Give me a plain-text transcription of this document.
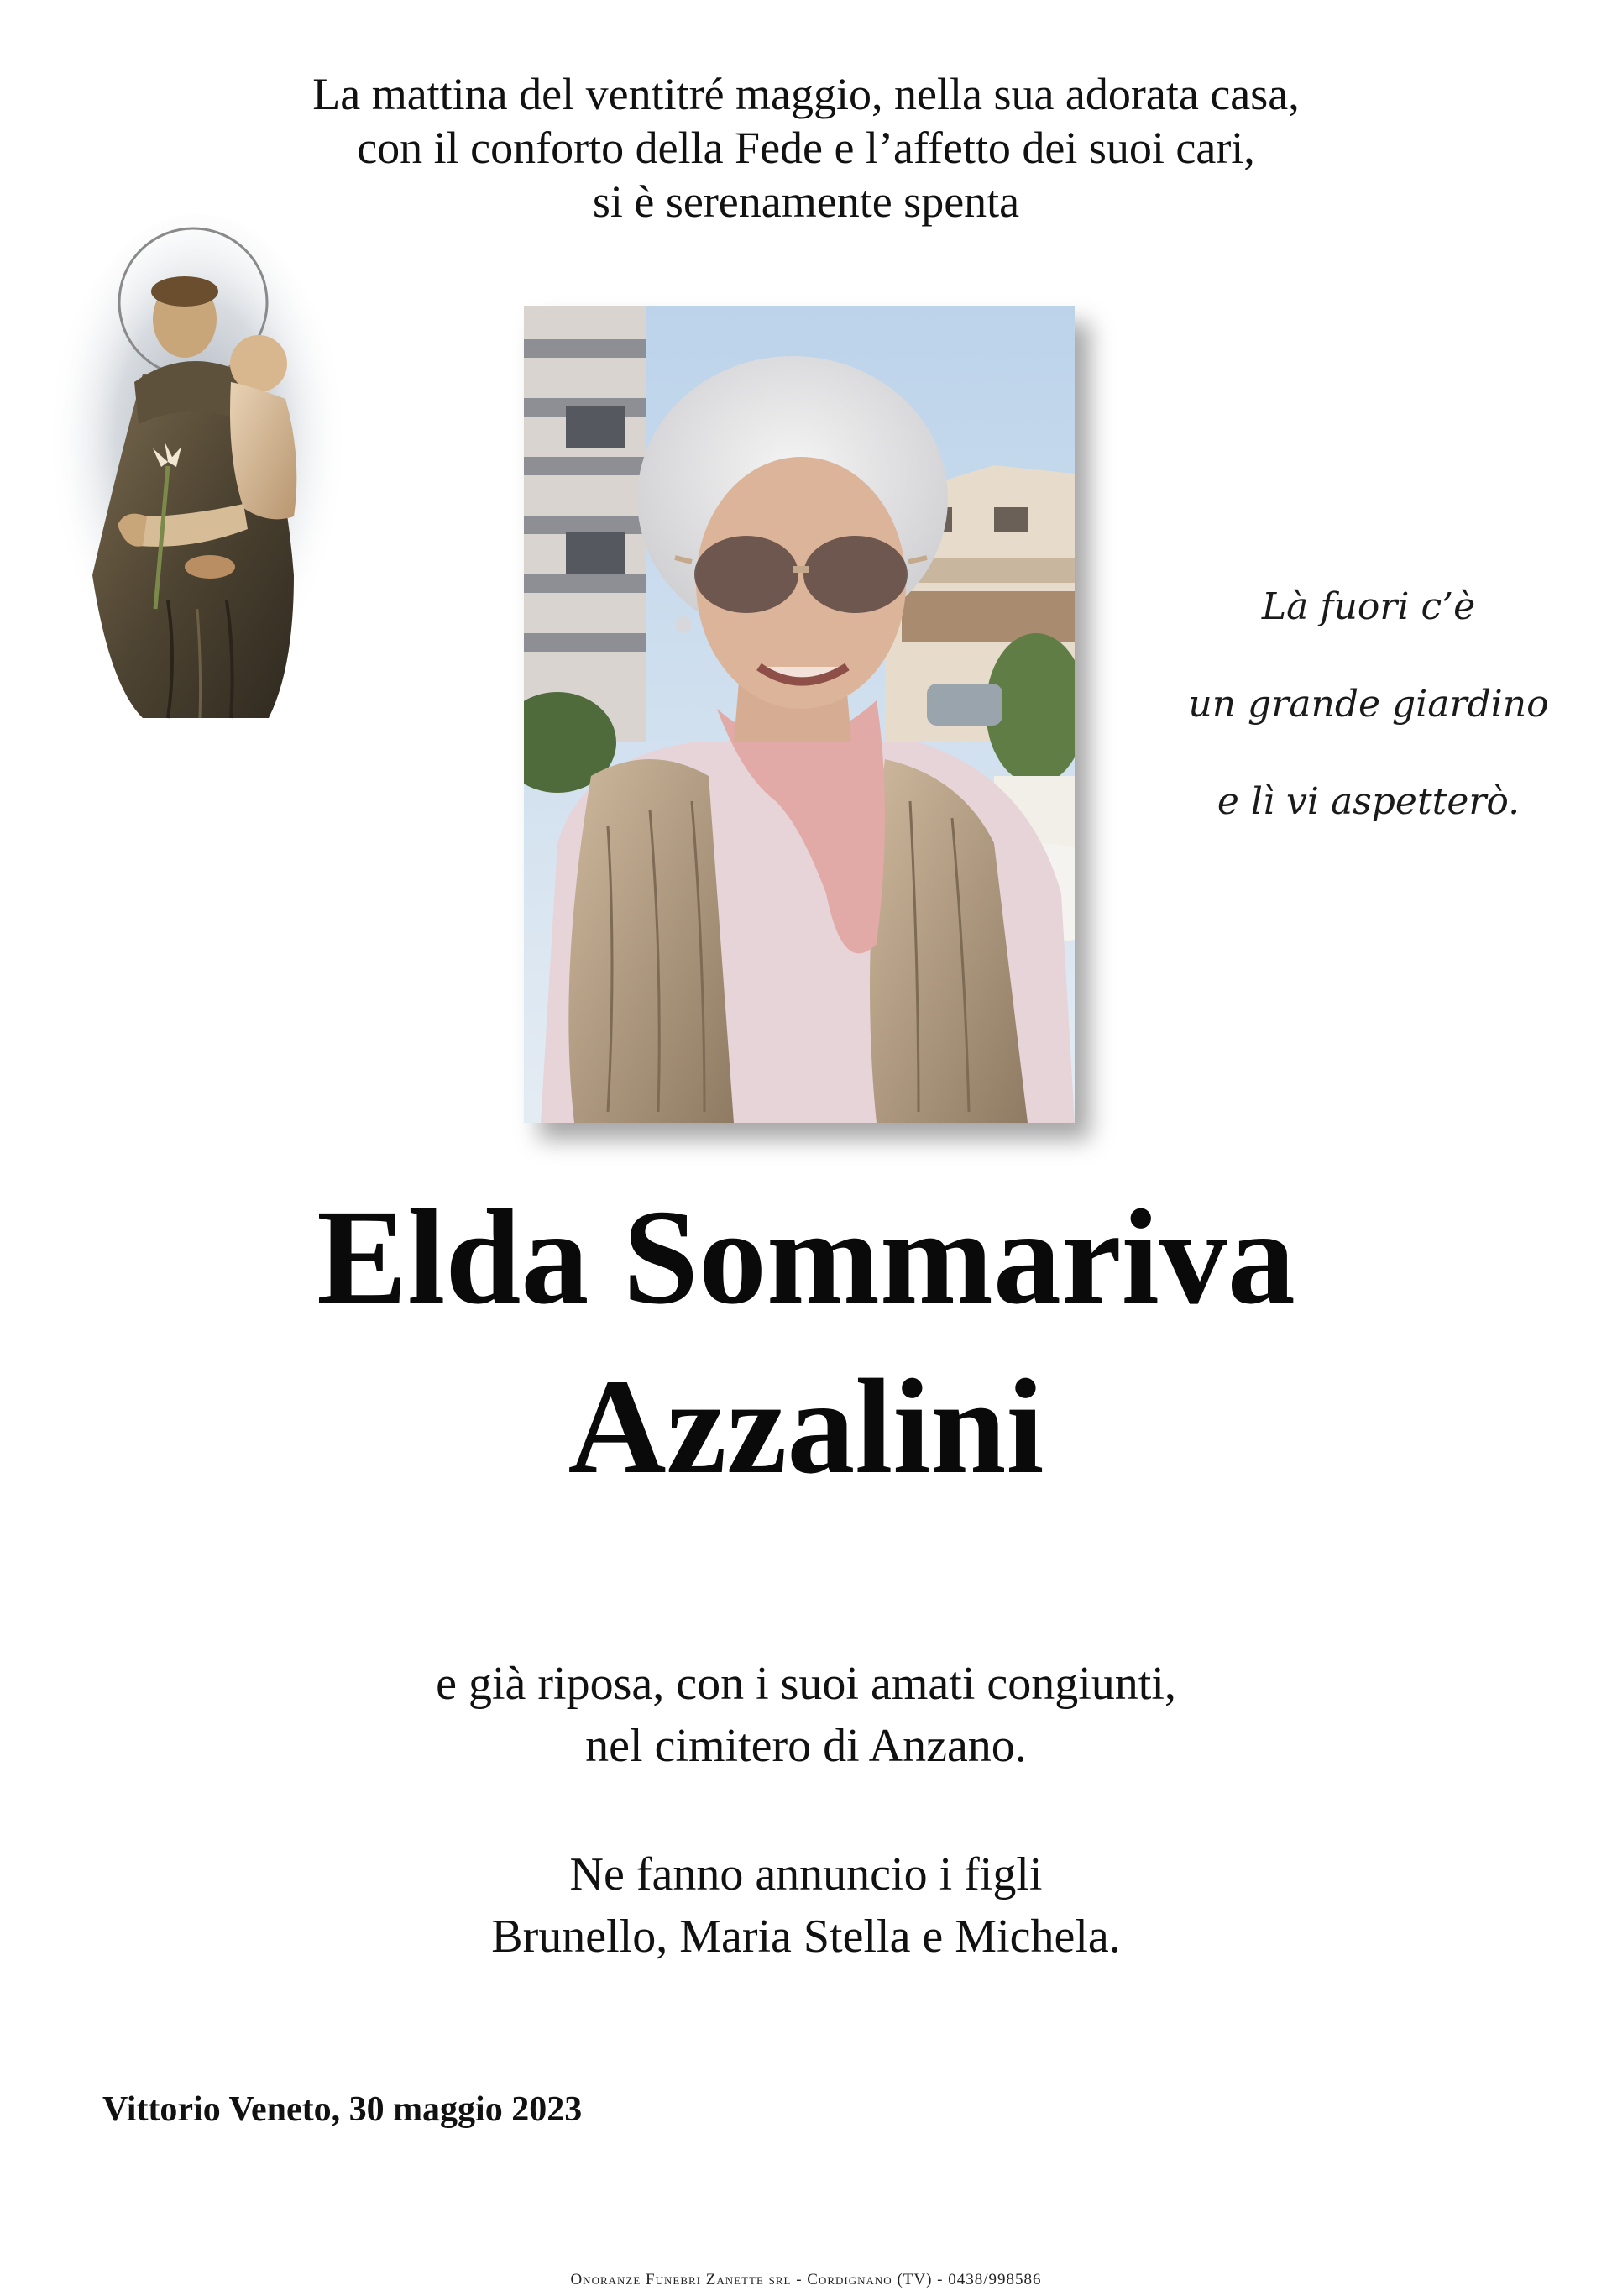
La mattina del ventitré maggio, nella sua adorata casa,
con il conforto della Fede e l’affetto dei suoi cari,
si è serenamente spenta
Là fuori c’è
un grande giardino
e lì vi aspetterò.
Elda Sommariva
Azzalini
e già riposa, con i suoi amati congiunti,
nel cimitero di Anzano.
Ne fanno annuncio i figli
Brunello, Maria Stella e Michela.
Vittorio Veneto, 30 maggio 2023
Onoranze Funebri Zanette srl - Cordignano (TV) - 0438/998586
